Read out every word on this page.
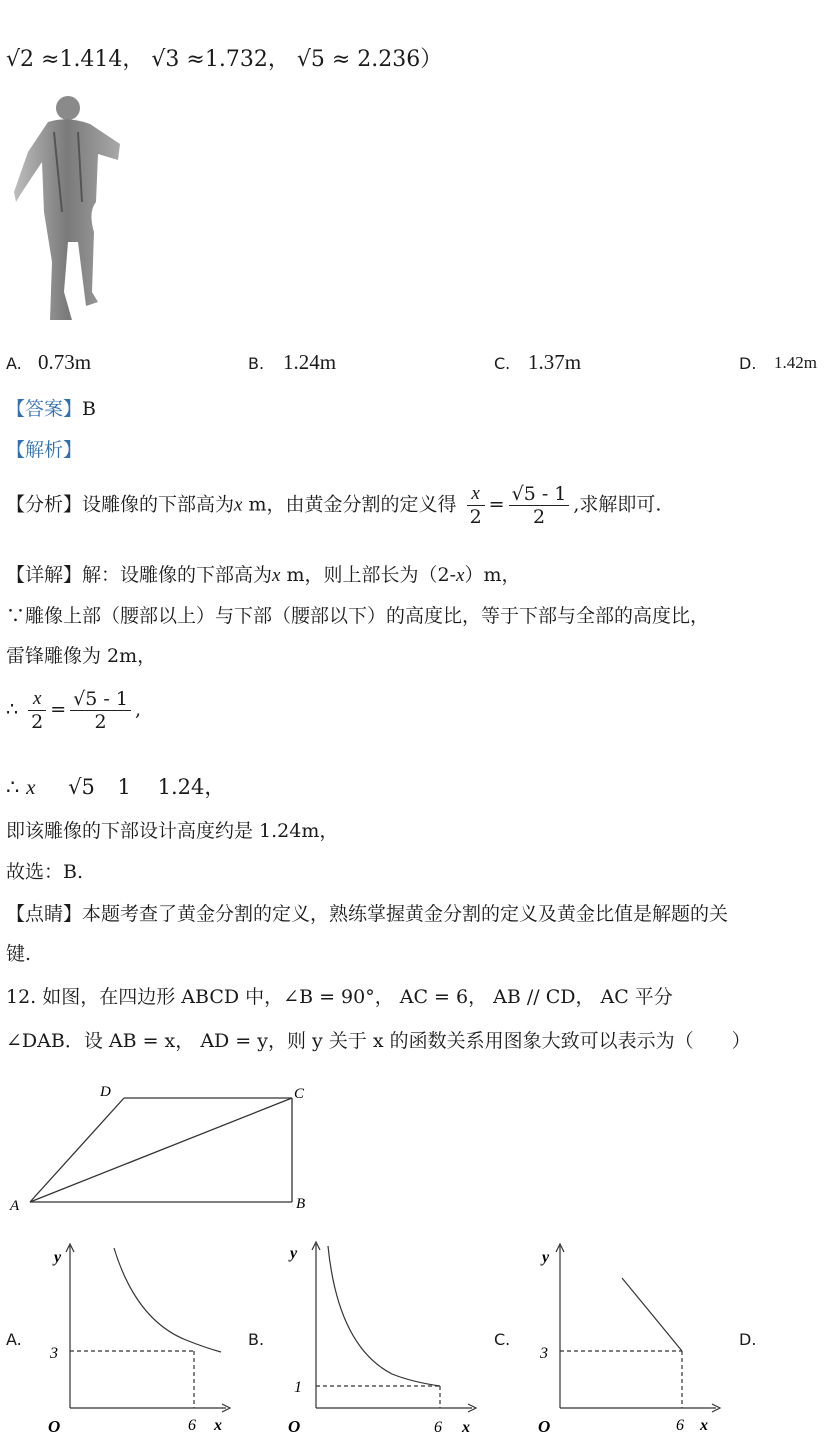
√2 ≈1.414， √3 ≈1.732， √5 ≈ 2.236）
A. 0.73m	B. 1.24m	C. 1.37m	D. 1.42m
【答案】B
【解析】
【分析】设雕像的下部高为x m，由黄金分割的定义得 $\frac{x}{2} = \frac{√5 - 1}{2}$ ,求解即可.
【详解】解：设雕像的下部高为x m，则上部长为（2-x）m，
∵雕像上部（腰部以上）与下部（腰部以下）的高度比，等于下部与全部的高度比，
雷锋雕像为 2m，
∴ $\frac{x}{2} = \frac{√5 - 1}{2}$ ,
∴ x √5 1 1.24，
即该雕像的下部设计高度约是 1.24m，
故选：B.
【点睛】本题考查了黄金分割的定义，熟练掌握黄金分割的定义及黄金比值是解题的关
键.
12. 如图，在四边形 ABCD 中，∠B = 90°， AC = 6， AB // CD， AC 平分
∠DAB．设 AB = x， AD = y，则 y 关于 x 的函数关系用图象大致可以表示为（　　）
A	B
C
D
A.
y
x
O
3
6
B.
y
x
O
1
6
C.
y
x
O
3
6
D.
